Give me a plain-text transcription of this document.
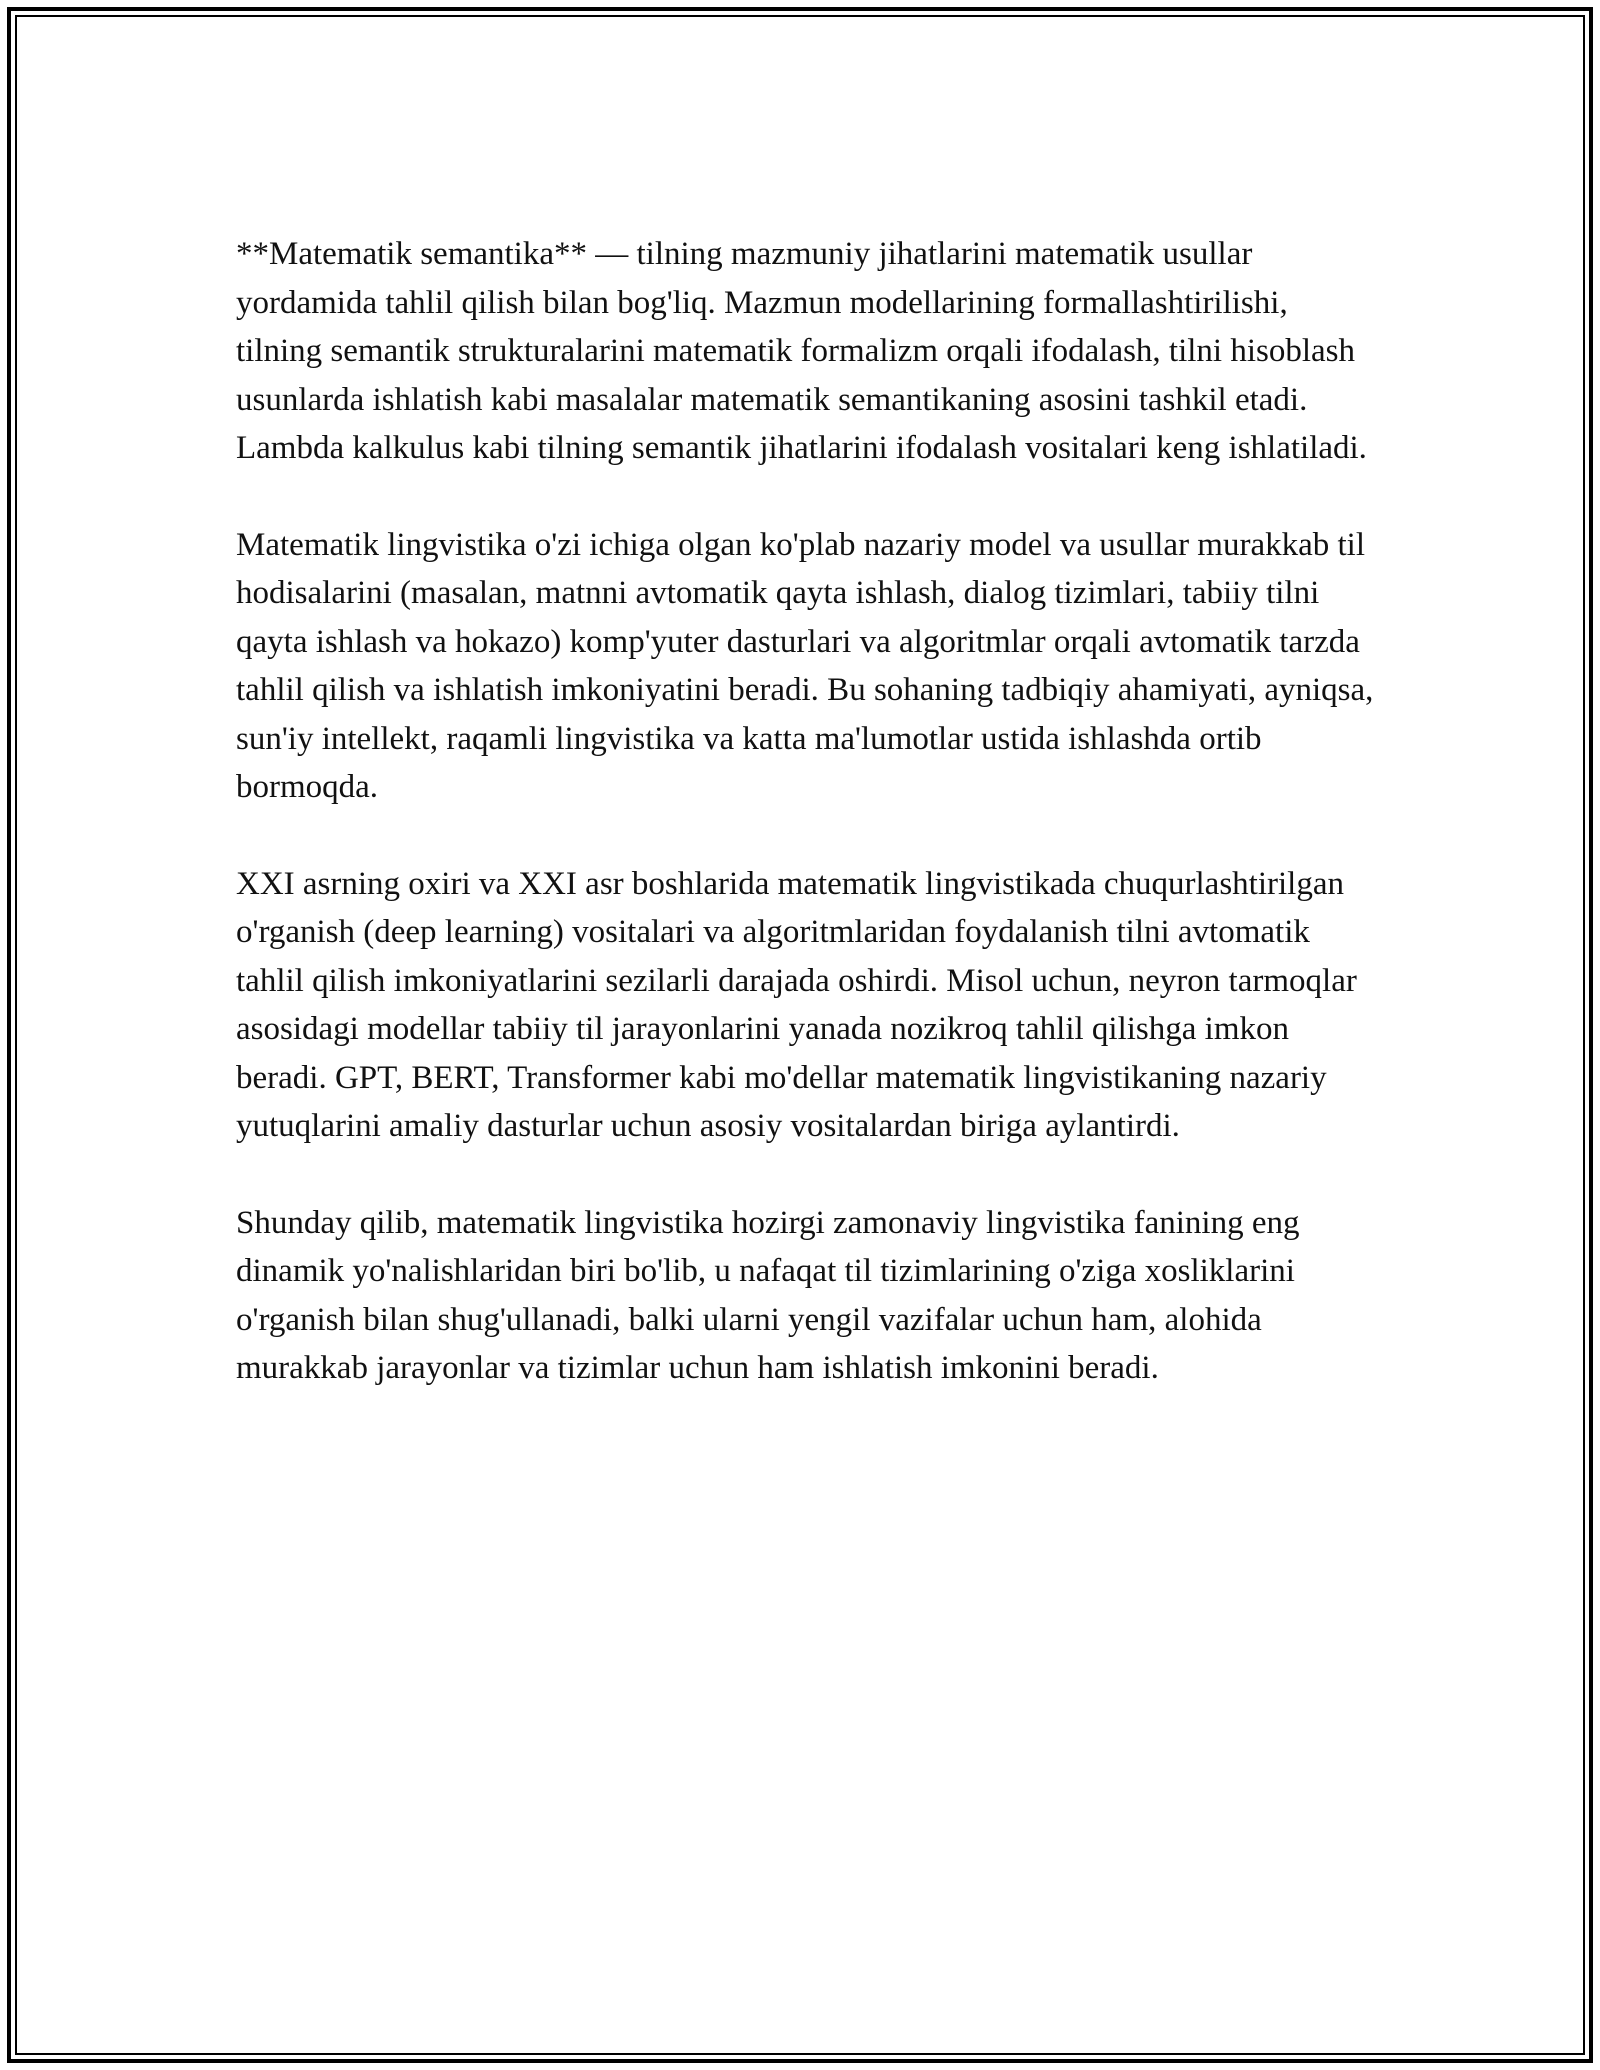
**Matematik semantika** — tilning mazmuniy jihatlarini matematik usullar yordamida tahlil qilish bilan bog'liq. Mazmun modellarining formallashtirilishi, tilning semantik strukturalarini matematik formalizm orqali ifodalash, tilni hisoblash usunlarda ishlatish kabi masalalar matematik semantikaning asosini tashkil etadi. Lambda kalkulus kabi tilning semantik jihatlarini ifodalash vositalari keng ishlatiladi.

Matematik lingvistika o'zi ichiga olgan ko'plab nazariy model va usullar murakkab til hodisalarini (masalan, matnni avtomatik qayta ishlash, dialog tizimlari, tabiiy tilni qayta ishlash va hokazo) komp'yuter dasturlari va algoritmlar orqali avtomatik tarzda tahlil qilish va ishlatish imkoniyatini beradi. Bu sohaning tadbiqiy ahamiyati, ayniqsa, sun'iy intellekt, raqamli lingvistika va katta ma'lumotlar ustida ishlashda ortib bormoqda.

XXI asrning oxiri va XXI asr boshlarida matematik lingvistikada chuqurlashtirilgan o'rganish (deep learning) vositalari va algoritmlaridan foydalanish tilni avtomatik tahlil qilish imkoniyatlarini sezilarli darajada oshirdi. Misol uchun, neyron tarmoqlar asosidagi modellar tabiiy til jarayonlarini yanada nozikroq tahlil qilishga imkon beradi. GPT, BERT, Transformer kabi mo'dellar matematik lingvistikaning nazariy yutuqlarini amaliy dasturlar uchun asosiy vositalardan biriga aylantirdi.

Shunday qilib, matematik lingvistika hozirgi zamonaviy lingvistika fanining eng dinamik yo'nalishlaridan biri bo'lib, u nafaqat til tizimlarining o'ziga xosliklarini o'rganish bilan shug'ullanadi, balki ularni yengil vazifalar uchun ham, alohida murakkab jarayonlar va tizimlar uchun ham ishlatish imkonini beradi.
